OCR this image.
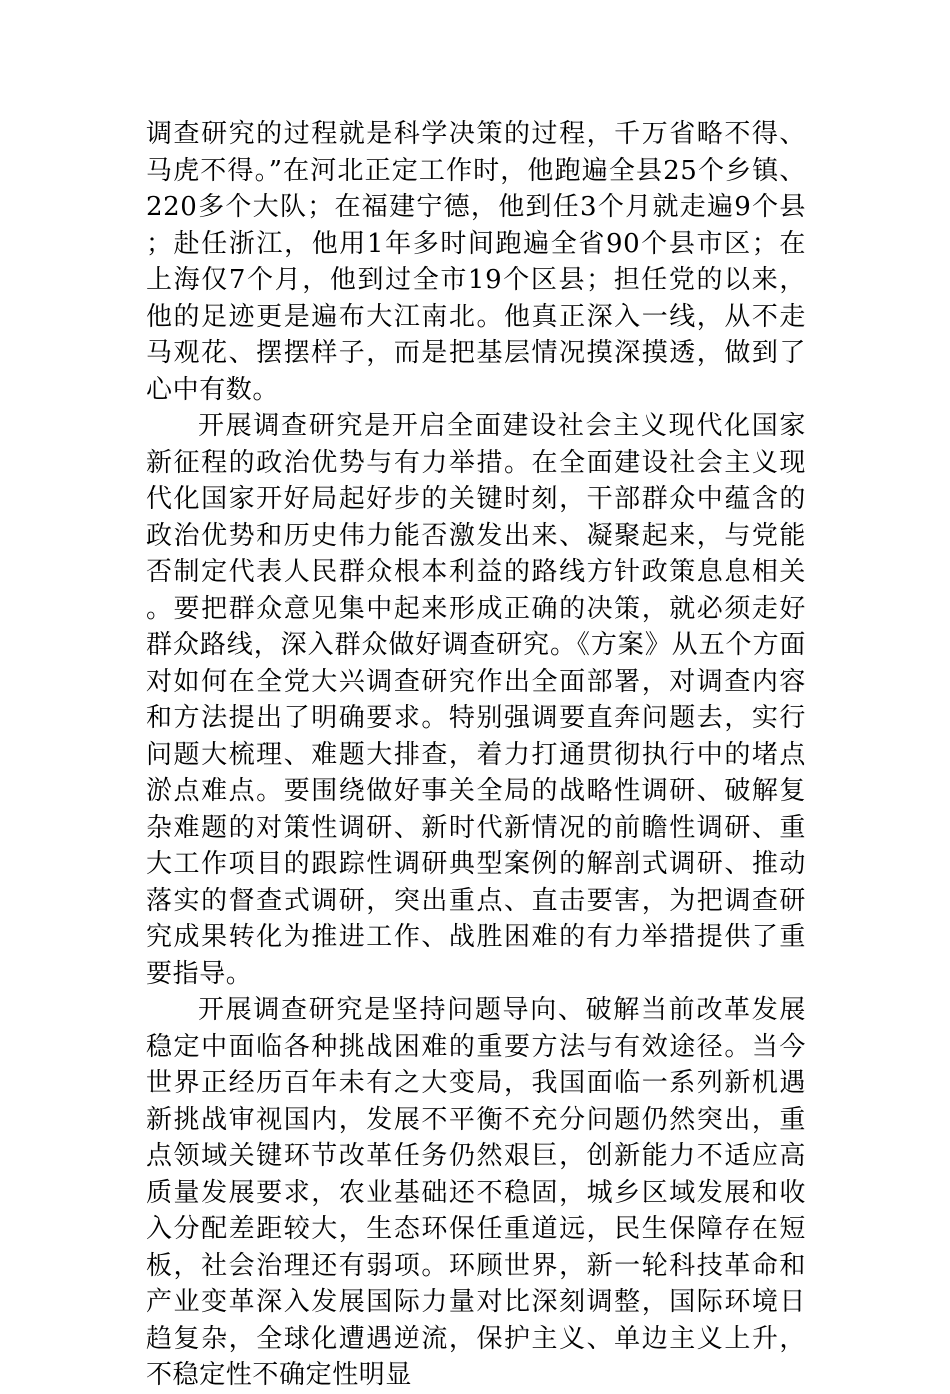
调查研究的过程就是科学决策的过程，千万省略不得、马虎不得。”在河北正定工作时，他跑遍全县25个乡镇、220多个大队；在福建宁德，他到任3个月就走遍9个县；赴任浙江，他用1年多时间跑遍全省90个县市区；在上海仅7个月，他到过全市19个区县；担任党的以来，他的足迹更是遍布大江南北。他真正深入一线，从不走马观花、摆摆样子，而是把基层情况摸深摸透，做到了心中有数。

开展调查研究是开启全面建设社会主义现代化国家新征程的政治优势与有力举措。在全面建设社会主义现代化国家开好局起好步的关键时刻，干部群众中蕴含的政治优势和历史伟力能否激发出来、凝聚起来，与党能否制定代表人民群众根本利益的路线方针政策息息相关。要把群众意见集中起来形成正确的决策，就必须走好群众路线，深入群众做好调查研究。《方案》从五个方面对如何在全党大兴调查研究作出全面部署，对调查内容和方法提出了明确要求。特别强调要直奔问题去，实行问题大梳理、难题大排查，着力打通贯彻执行中的堵点淤点难点。要围绕做好事关全局的战略性调研、破解复杂难题的对策性调研、新时代新情况的前瞻性调研、重大工作项目的跟踪性调研典型案例的解剖式调研、推动落实的督查式调研，突出重点、直击要害，为把调查研究成果转化为推进工作、战胜困难的有力举措提供了重要指导。

开展调查研究是坚持问题导向、破解当前改革发展稳定中面临各种挑战困难的重要方法与有效途径。当今世界正经历百年未有之大变局，我国面临一系列新机遇新挑战审视国内，发展不平衡不充分问题仍然突出，重点领域关键环节改革任务仍然艰巨，创新能力不适应高质量发展要求，农业基础还不稳固，城乡区域发展和收入分配差距较大，生态环保任重道远，民生保障存在短板，社会治理还有弱项。环顾世界，新一轮科技革命和产业变革深入发展国际力量对比深刻调整，国际环境日趋复杂，全球化遭遇逆流，保护主义、单边主义上升，不稳定性不确定性明显
